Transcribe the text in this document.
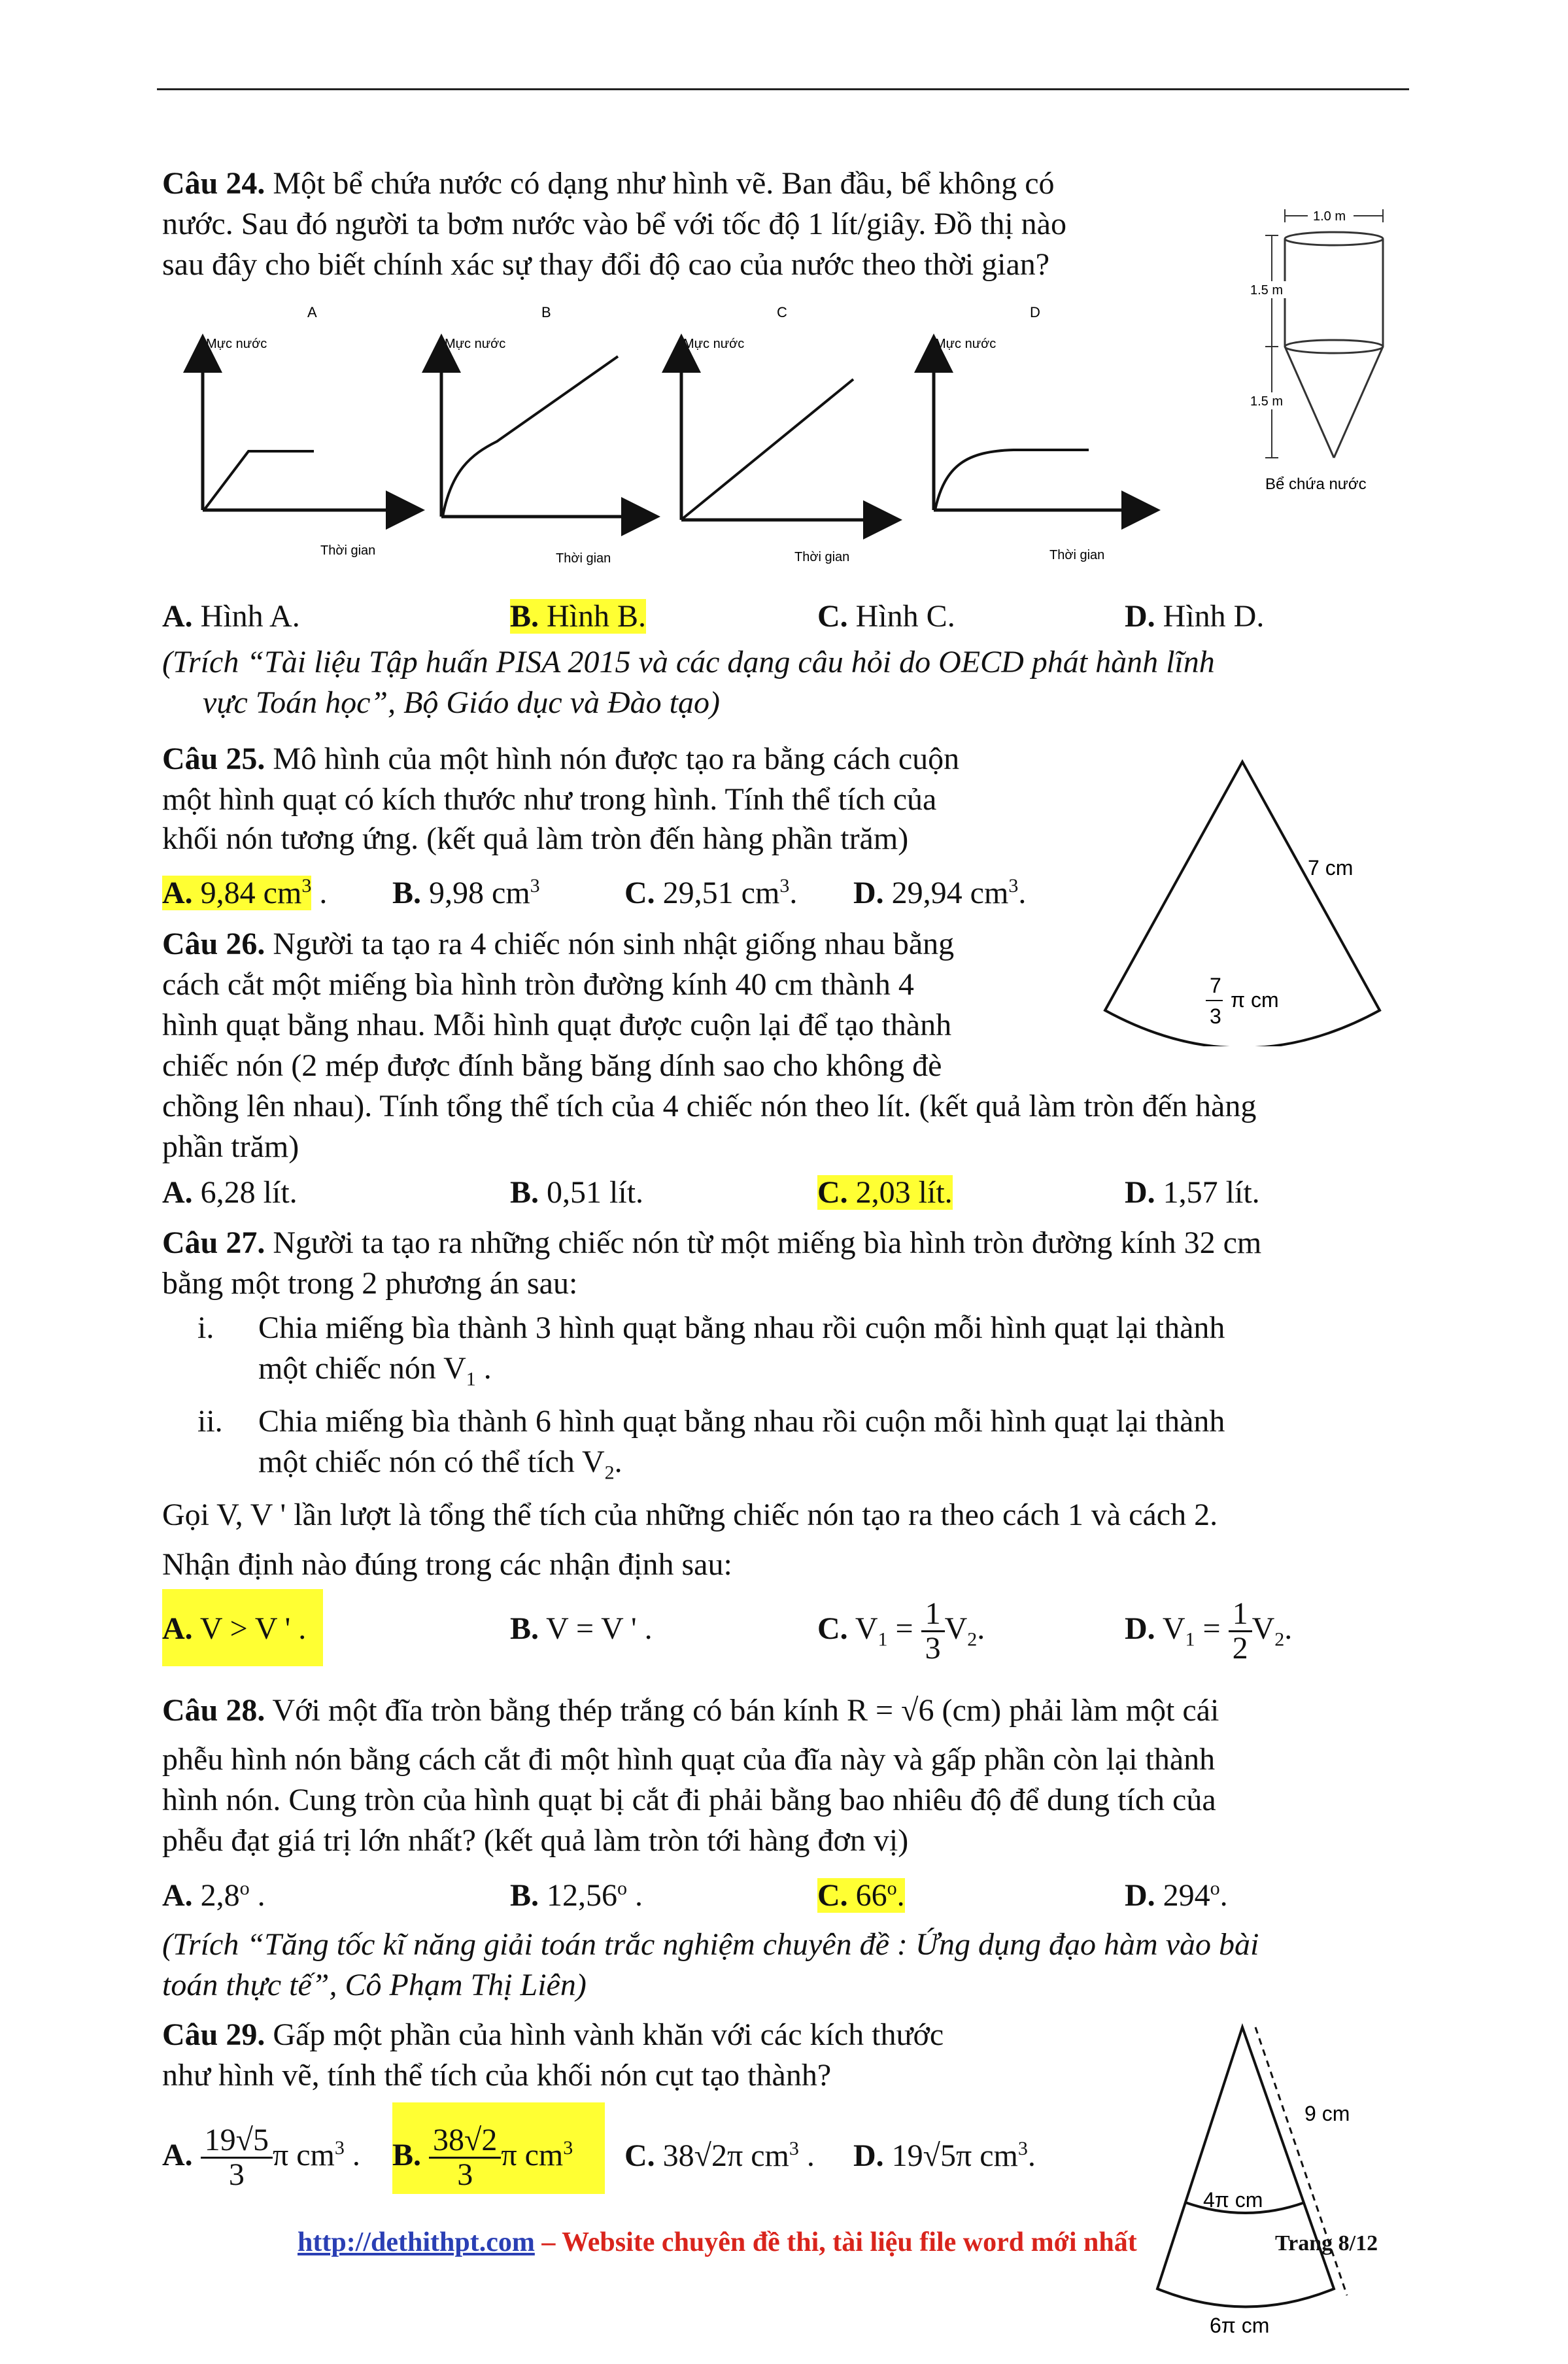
Câu 24. Một bể chứa nước có dạng như hình vẽ. Ban đầu, bể không có
nước. Sau đó người ta bơm nước vào bể với tốc độ 1 lít/giây. Đồ thị nào
sau đây cho biết chính xác sự thay đổi độ cao của nước theo thời gian?
A
Mực nước
Thời gian
B
Mực nước
Thời gian
C
Mực nước
Thời gian
D
Mực nước
Thời gian
1.0 m
1.5 m
1.5 m
Bể chứa nước
A. Hình A.	B. Hình B.	C. Hình C.	D. Hình D.
(Trích “Tài liệu Tập huấn PISA 2015 và các dạng câu hỏi do OECD phát hành lĩnh
vực Toán học”, Bộ Giáo dục và Đào tạo)
Câu 25. Mô hình của một hình nón được tạo ra bằng cách cuộn
một hình quạt có kích thước như trong hình. Tính thể tích của
khối nón tương ứng. (kết quả làm tròn đến hàng phần trăm)
7 cm
7
3
π cm
A. 9,84 $cm^3$ . B. 9,98 $cm^3$	C. 29,51 $cm^3$. D. 29,94 $cm^3$.
Câu 26. Người ta tạo ra 4 chiếc nón sinh nhật giống nhau bằng
cách cắt một miếng bìa hình tròn đường kính 40 cm thành 4
hình quạt bằng nhau. Mỗi hình quạt được cuộn lại để tạo thành
chiếc nón (2 mép được đính bằng băng dính sao cho không đè
chồng lên nhau). Tính tổng thể tích của 4 chiếc nón theo lít. (kết quả làm tròn đến hàng
phần trăm)
A. 6,28 lít.	B. 0,51 lít.	C. 2,03 lít.	D. 1,57 lít.
Câu 27. Người ta tạo ra những chiếc nón từ một miếng bìa hình tròn đường kính 32 cm
bằng một trong 2 phương án sau:
i. Chia miếng bìa thành 3 hình quạt bằng nhau rồi cuộn mỗi hình quạt lại thành
một chiếc nón $V_1$ .
ii. Chia miếng bìa thành 6 hình quạt bằng nhau rồi cuộn mỗi hình quạt lại thành
một chiếc nón có thể tích $V_2$.
Gọi V, V ' lần lượt là tổng thể tích của những chiếc nón tạo ra theo cách 1 và cách 2.
Nhận định nào đúng trong các nhận định sau:
A. V > V ' .	B. V = V ' .	C. $V_1 = \frac{1}{3} V_2$.	D. $V_1 = \frac{1}{2} V_2$.
Câu 28. Với một đĩa tròn bằng thép trắng có bán kính R = √6 (cm) phải làm một cái
phễu hình nón bằng cách cắt đi một hình quạt của đĩa này và gấp phần còn lại thành
hình nón. Cung tròn của hình quạt bị cắt đi phải bằng bao nhiêu độ để dung tích của
phễu đạt giá trị lớn nhất? (kết quả làm tròn tới hàng đơn vị)
A. 2,8$^o$ .	B. 12,56$^o$ .	C. 66$^o$.	D. 294$^o$.
(Trích “Tăng tốc kĩ năng giải toán trắc nghiệm chuyên đề : Ứng dụng đạo hàm vào bài
toán thực tế”, Cô Phạm Thị Liên)
Câu 29. Gấp một phần của hình vành khăn với các kích thước
như hình vẽ, tính thể tích của khối nón cụt tạo thành?
A. $\frac{19√5}{3}$ π $cm^3$ . B. $\frac{38√2}{3}$ π $cm^3$ C. 38√2π $cm^3$ . D. 19√5π $cm^3$.
9 cm
4π cm
6π cm
http://dethithpt.com – Website chuyên đề thi, tài liệu file word mới nhất	Trang 8/12
